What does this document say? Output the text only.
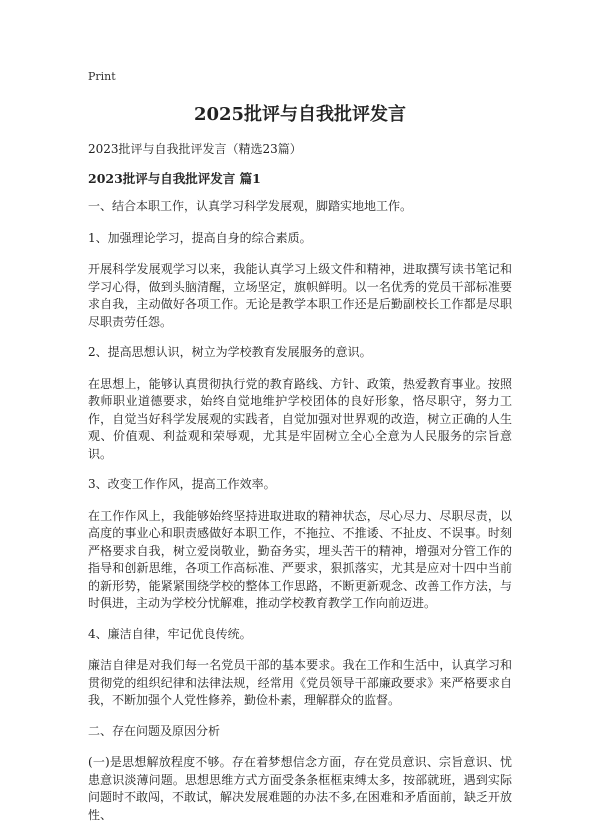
Print
2025批评与自我批评发言
2023批评与自我批评发言（精选23篇）
2023批评与自我批评发言 篇1
一、结合本职工作，认真学习科学发展观，脚踏实地地工作。
1、加强理论学习，提高自身的综合素质。
开展科学发展观学习以来，我能认真学习上级文件和精神，进取撰写读书笔记和学习心得，做到头脑清醒，立场坚定，旗帜鲜明。以一名优秀的党员干部标准要求自我，主动做好各项工作。无论是教学本职工作还是后勤副校长工作都是尽职尽职责劳任怨。
2、提高思想认识，树立为学校教育发展服务的意识。
在思想上，能够认真贯彻执行党的教育路线、方针、政策，热爱教育事业。按照教师职业道德要求，始终自觉地维护学校团体的良好形象，恪尽职守，努力工作，自觉当好科学发展观的实践者，自觉加强对世界观的改造，树立正确的人生观、价值观、利益观和荣辱观，尤其是牢固树立全心全意为人民服务的宗旨意识。
3、改变工作作风，提高工作效率。
在工作作风上，我能够始终坚持进取进取的精神状态，尽心尽力、尽职尽责，以高度的事业心和职责感做好本职工作，不拖拉、不推诿、不扯皮、不误事。时刻严格要求自我，树立爱岗敬业，勤奋务实，埋头苦干的精神，增强对分管工作的指导和创新思维，各项工作高标准、严要求，狠抓落实，尤其是应对十四中当前的新形势，能紧紧围绕学校的整体工作思路，不断更新观念、改善工作方法，与时俱进，主动为学校分忧解难，推动学校教育教学工作向前迈进。
4、廉洁自律，牢记优良传统。
廉洁自律是对我们每一名党员干部的基本要求。我在工作和生活中，认真学习和贯彻党的组织纪律和法律法规，经常用《党员领导干部廉政要求》来严格要求自我，不断加强个人党性修养，勤俭朴素，理解群众的监督。
二、存在问题及原因分析
(一)是思想解放程度不够。存在着梦想信念方面，存在党员意识、宗旨意识、忧患意识淡薄问题。思想思维方式方面受条条框框束缚太多，按部就班，遇到实际问题时不敢闯，不敢试，解决发展难题的办法不多,在困难和矛盾面前，缺乏开放性、
